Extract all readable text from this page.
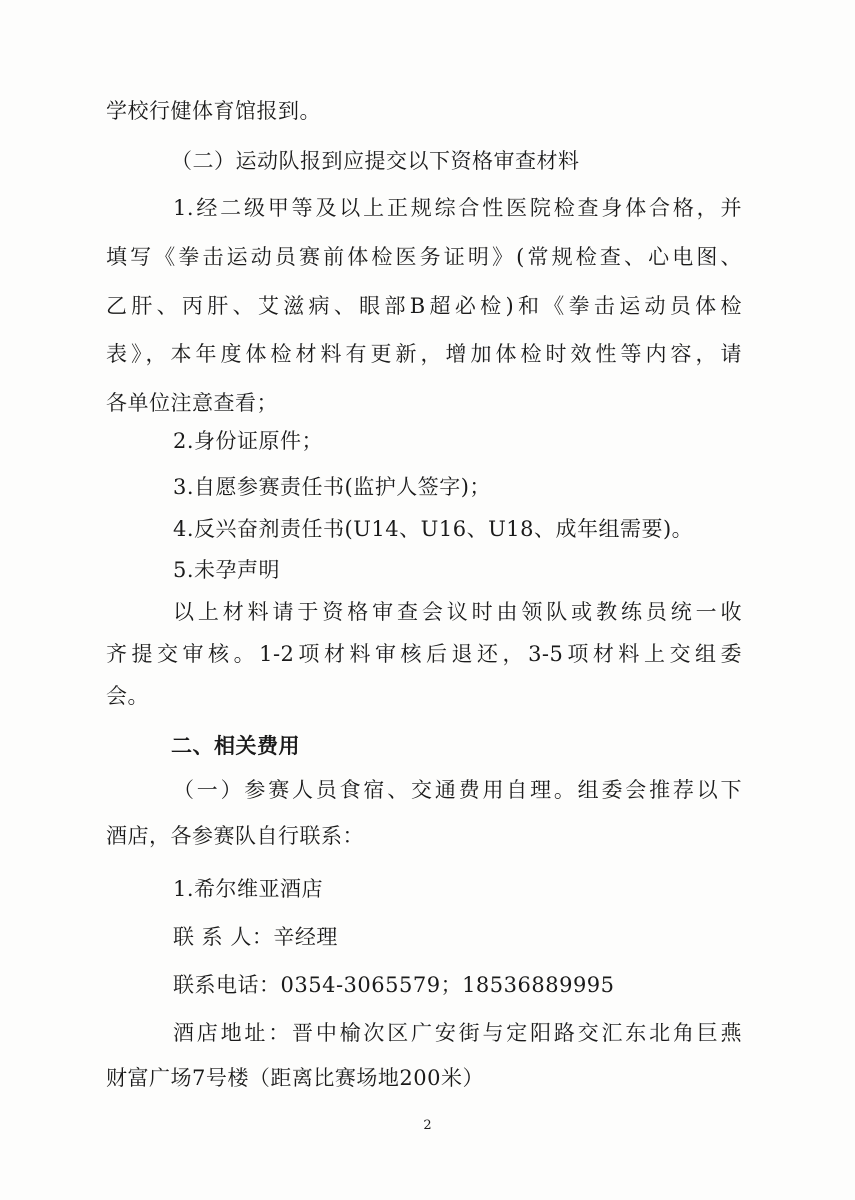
学校行健体育馆报到。
（二）运动队报到应提交以下资格审查材料
1.经二级甲等及以上正规综合性医院检查身体合格，并
填写《拳击运动员赛前体检医务证明》(常规检查、心电图、
乙肝、丙肝、艾滋病、眼部B超必检)和《拳击运动员体检
表》，本年度体检材料有更新，增加体检时效性等内容，请
各单位注意查看；
2.身份证原件；
3.自愿参赛责任书(监护人签字)；
4.反兴奋剂责任书(U14、U16、U18、成年组需要)。
5.未孕声明
以上材料请于资格审查会议时由领队或教练员统一收
齐提交审核。1-2项材料审核后退还，3-5项材料上交组委
会。
二、相关费用
（一）参赛人员食宿、交通费用自理。组委会推荐以下
酒店，各参赛队自行联系：
1.希尔维亚酒店
联 系 人：辛经理
联系电话：0354-3065579；18536889995
酒店地址：晋中榆次区广安街与定阳路交汇东北角巨燕
财富广场7号楼（距离比赛场地200米）
2
